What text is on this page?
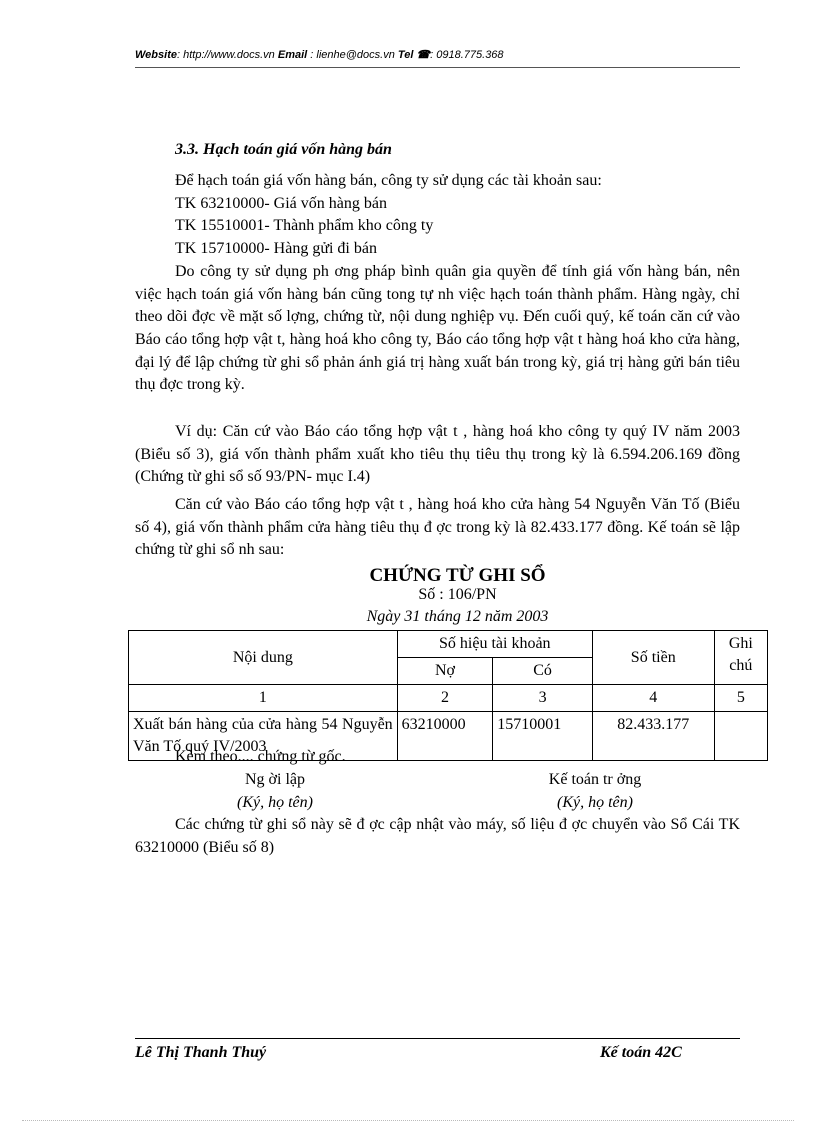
Website: http://www.docs.vn Email : lienhe@docs.vn Tel ☎: 0918.775.368
3.3. Hạch toán giá vốn hàng bán

Để hạch toán giá vốn hàng bán, công ty sử dụng các tài khoản sau:

TK 63210000- Giá vốn hàng bán

TK 15510001- Thành phẩm kho công ty

TK 15710000- Hàng gửi đi bán

Do công ty sử dụng ph ơng pháp bình quân gia quyền để tính giá vốn hàng bán, nên việc hạch toán giá vốn hàng bán cũng tong tự nh việc hạch toán thành phẩm. Hàng ngày, chỉ theo dõi đợc về mặt số lợng, chứng từ, nội dung nghiệp vụ. Đến cuối quý, kế toán căn cứ vào Báo cáo tổng hợp vật t, hàng hoá kho công ty, Báo cáo tổng hợp vật t hàng hoá kho cửa hàng, đại lý để lập chứng từ ghi sổ phản ánh giá trị hàng xuất bán trong kỳ, giá trị hàng gửi bán tiêu thụ đợc trong kỳ.

Ví dụ: Căn cứ vào Báo cáo tổng hợp vật t , hàng hoá kho công ty quý IV năm 2003 (Biểu số 3), giá vốn thành phẩm xuất kho tiêu thụ tiêu thụ trong kỳ là 6.594.206.169 đồng (Chứng từ ghi sổ số 93/PN- mục I.4)

Căn cứ vào Báo cáo tổng hợp vật t , hàng hoá kho cửa hàng 54 Nguyễn Văn Tố (Biểu số 4), giá vốn thành phẩm cửa hàng tiêu thụ đ ợc trong kỳ là 82.433.177 đồng. Kế toán sẽ lập chứng từ ghi sổ nh sau:

CHỨNG TỪ GHI SỔ
Số : 106/PN
Ngày 31 tháng 12 năm 2003
Nội dung	Số hiệu tài khoản		Số tiền	Ghi chú
	Nợ	Có		
1	2	3	4	5
Xuất bán hàng của cửa hàng 54 Nguyễn Văn Tố quý IV/2003	63210000	15710001	82.433.177	

Kèm theo.... chứng từ gốc.

Ng ời lập
(Ký, họ tên)
Kế toán tr ởng
(Ký, họ tên)

Các chứng từ ghi sổ này sẽ đ ợc cập nhật vào máy, số liệu đ ợc chuyển vào Sổ Cái TK 63210000 (Biểu số 8)

Lê Thị Thanh Thuý	Kế toán 42C
